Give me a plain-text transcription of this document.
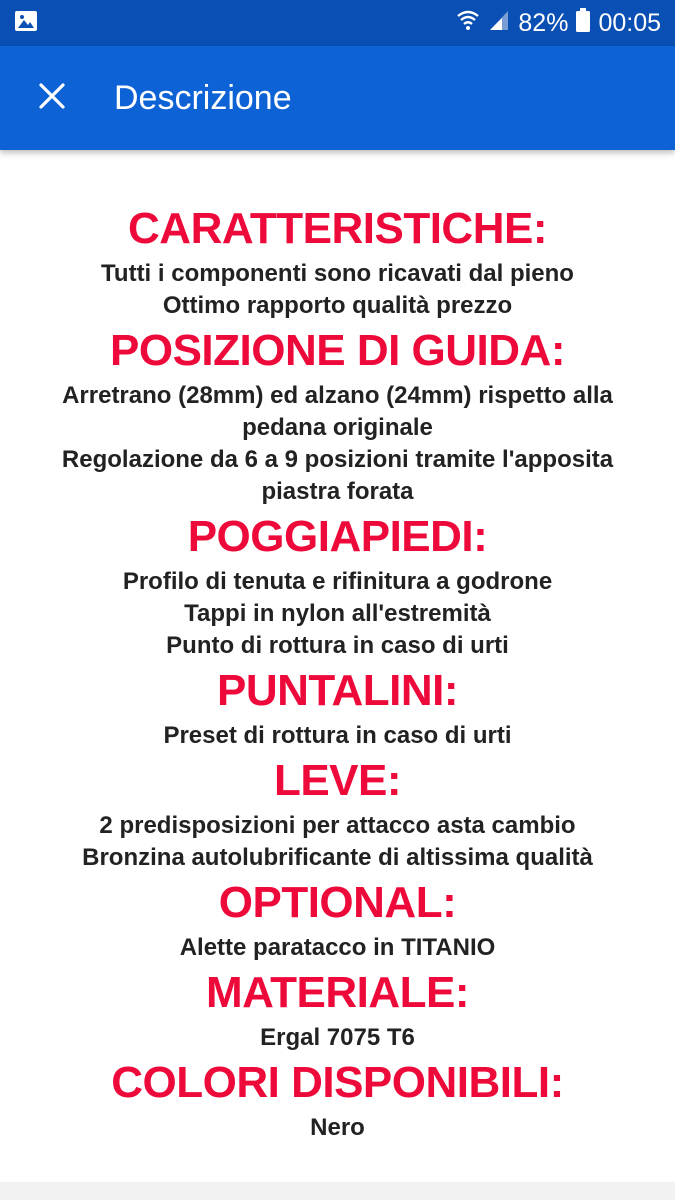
82% 00:05
Descrizione

CARATTERISTICHE:

Tutti i componenti sono ricavati dal pieno

Ottimo rapporto qualità prezzo

POSIZIONE DI GUIDA:

Arretrano (28mm) ed alzano (24mm) rispetto alla pedana originale

Regolazione da 6 a 9 posizioni tramite l'apposita piastra forata

POGGIAPIEDI:

Profilo di tenuta e rifinitura a godrone

Tappi in nylon all'estremità

Punto di rottura in caso di urti

PUNTALINI:

Preset di rottura in caso di urti

LEVE:

2 predisposizioni per attacco asta cambio

Bronzina autolubrificante di altissima qualità

OPTIONAL:

Alette paratacco in TITANIO

MATERIALE:

Ergal 7075 T6

COLORI DISPONIBILI:

Nero
